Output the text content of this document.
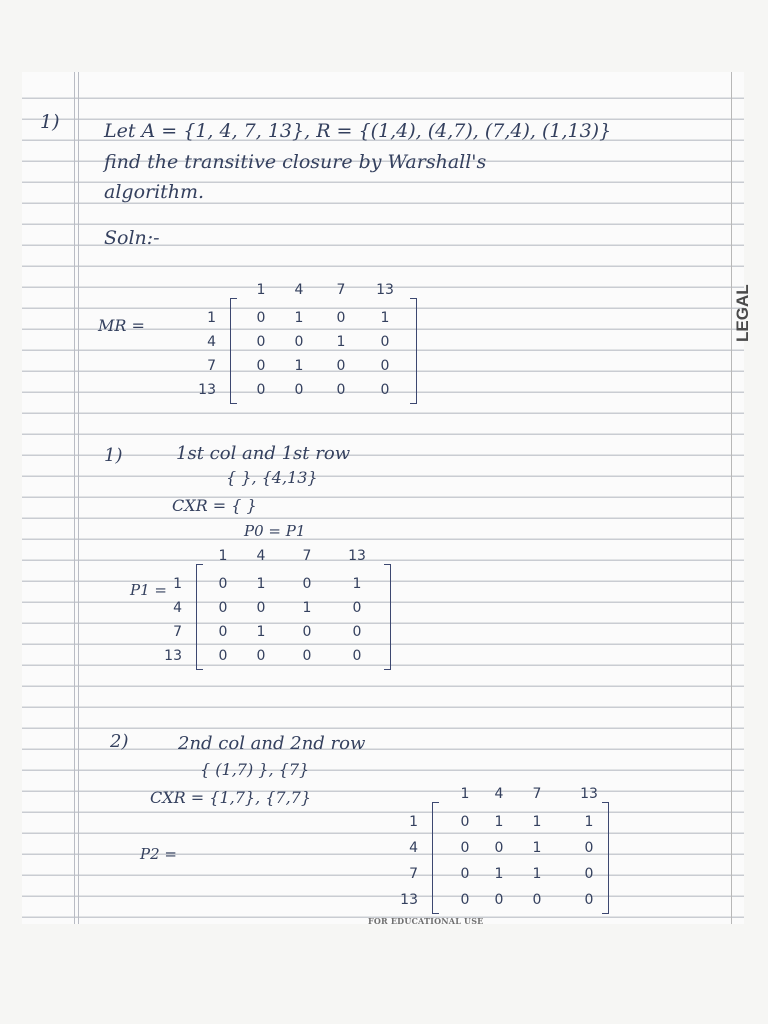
LEGAL
1) Let A = {1, 4, 7, 13}, R = {(1,4), (4,7), (7,4), (1,13)}
find the transitive closure by Warshall's
algorithm.
Soln:-
MR =
1	4	7	13
1	0	1	0	1
4	0	0	1	0
7	0	1	0	0
13	0	0	0	0
1)	1st col and 1st row
{ }, {4,13}
CXR = { }
P0 = P1
P1 =
1	4	7	13
1	0	1	0	1
4	0	0	1	0
7	0	1	0	0
13	0	0	0	0
2)	2nd col and 2nd row
{ (1,7) }, {7}
CXR = {1,7}, {7,7}
P2 =
1	4	7	13
1	0	1	1	1
4	0	0	1	0
7	0	1	1	0
13	0	0	0	0
FOR EDUCATIONAL USE
